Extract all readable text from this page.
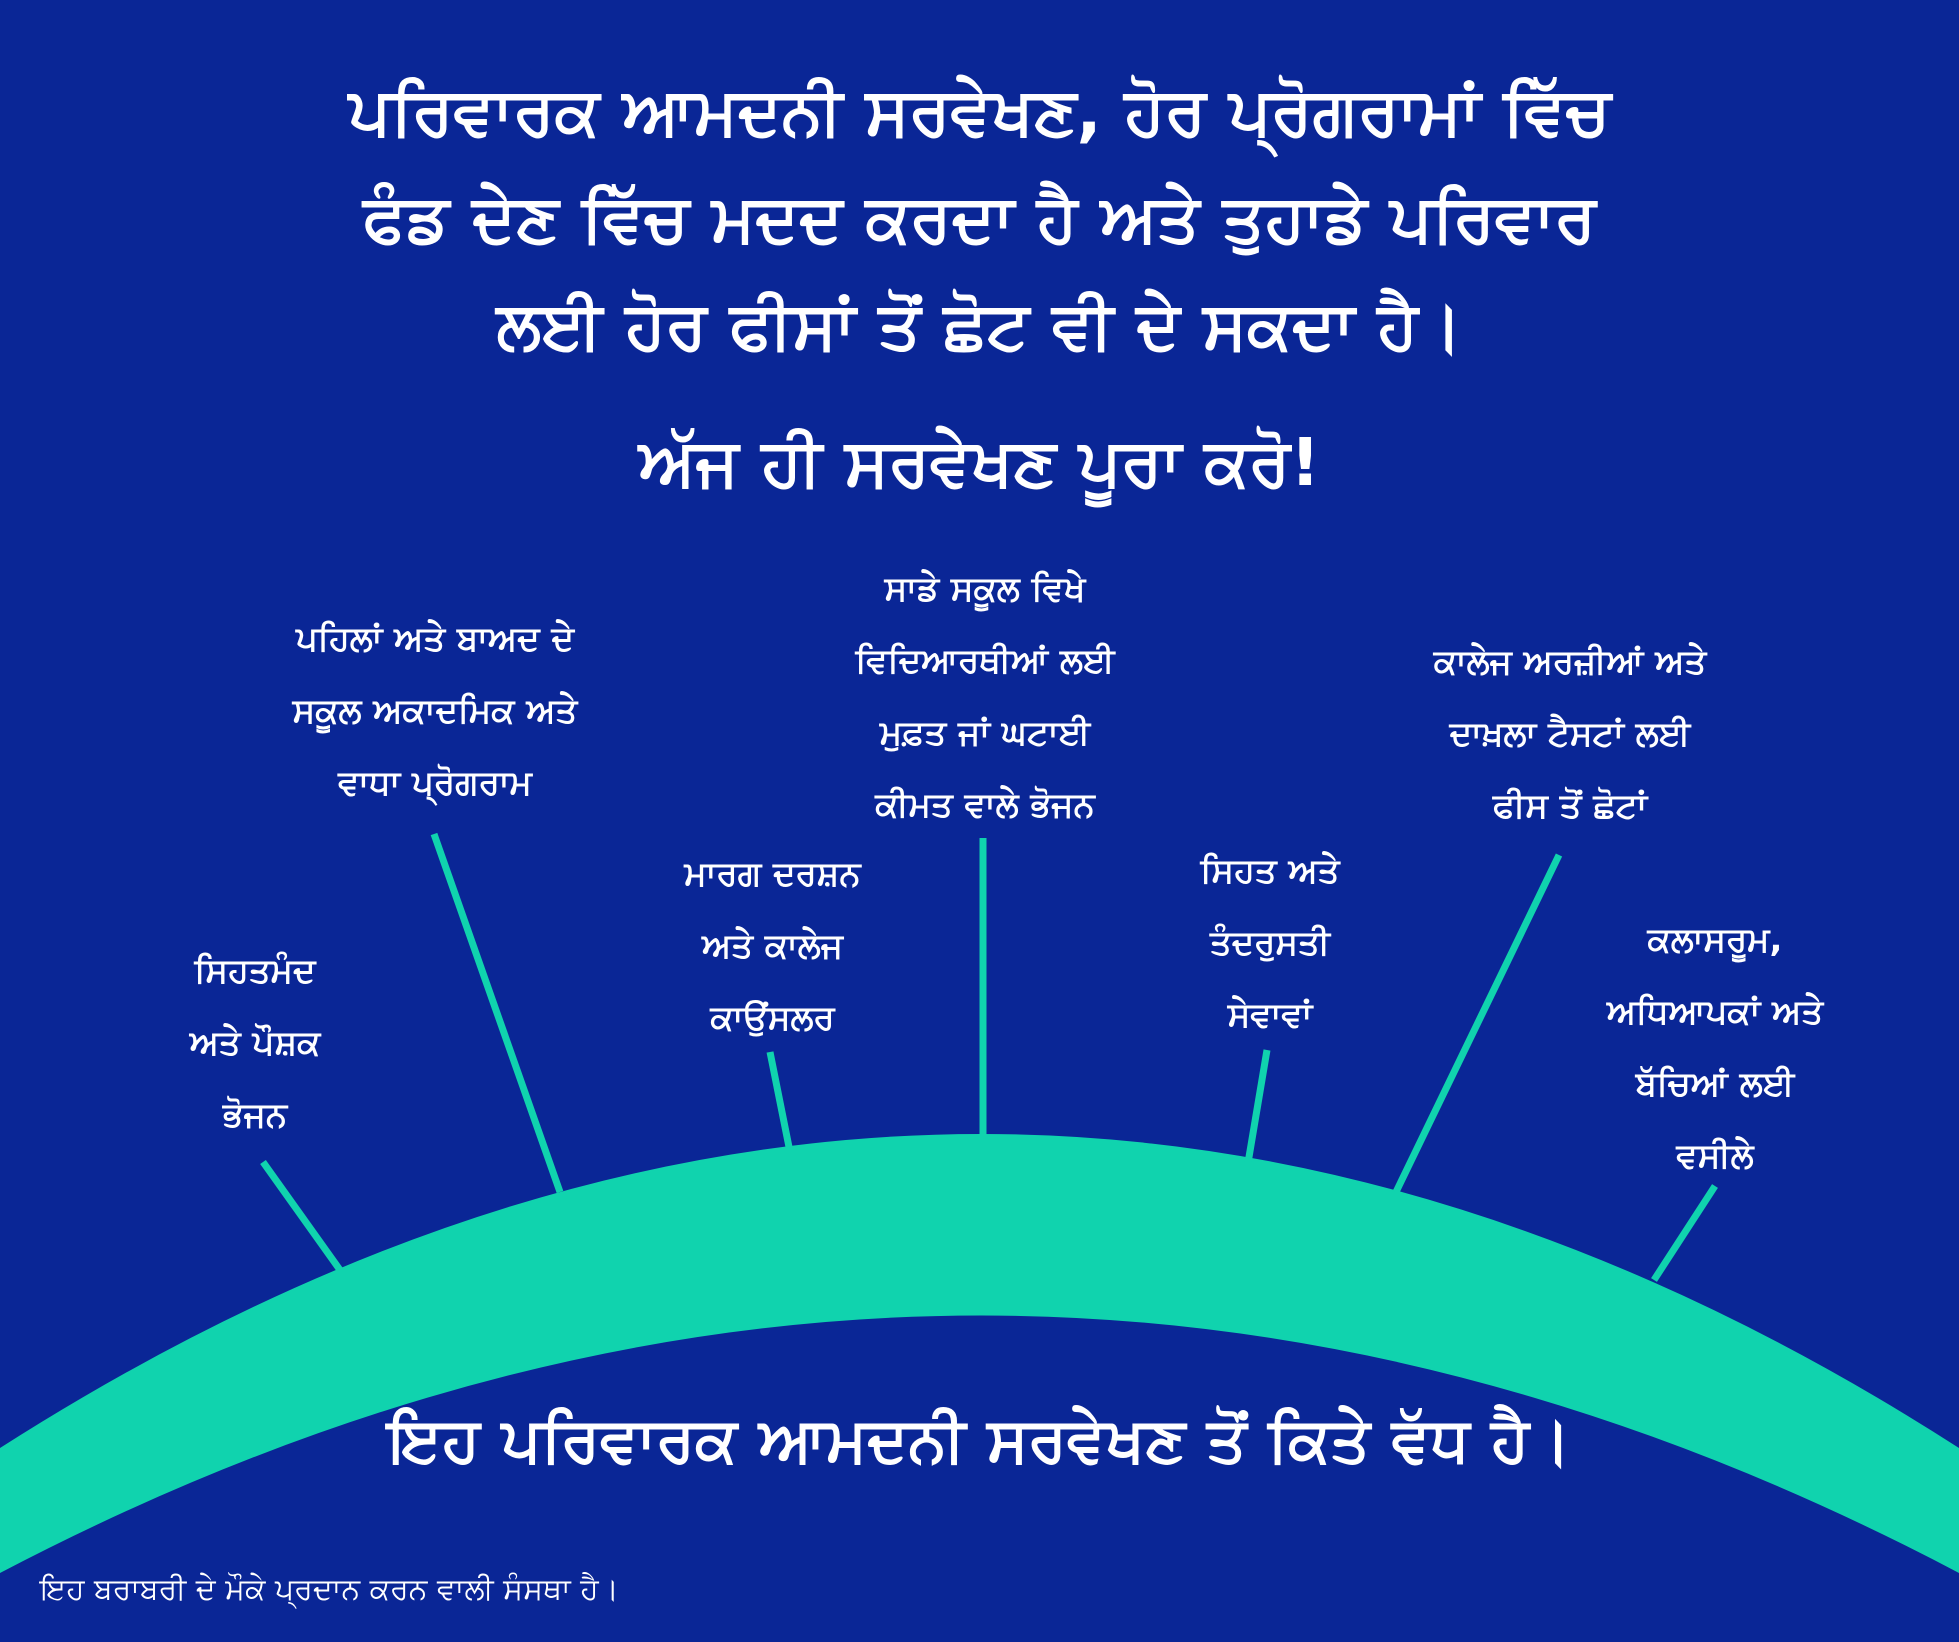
ਪਰਿਵਾਰਕ ਆਮਦਨੀ ਸਰਵੇਖਣ, ਹੋਰ ਪ੍ਰੋਗਰਾਮਾਂ ਵਿੱਚ
ਫੰਡ ਦੇਣ ਵਿੱਚ ਮਦਦ ਕਰਦਾ ਹੈ ਅਤੇ ਤੁਹਾਡੇ ਪਰਿਵਾਰ
ਲਈ ਹੋਰ ਫੀਸਾਂ ਤੋਂ ਛੋਟ ਵੀ ਦੇ ਸਕਦਾ ਹੈ।
ਅੱਜ ਹੀ ਸਰਵੇਖਣ ਪੂਰਾ ਕਰੋ!
ਸਿਹਤਮੰਦ
ਅਤੇ ਪੌਸ਼ਕ
ਭੋਜਨ
ਪਹਿਲਾਂ ਅਤੇ ਬਾਅਦ ਦੇ
ਸਕੂਲ ਅਕਾਦਮਿਕ ਅਤੇ
ਵਾਧਾ ਪ੍ਰੋਗਰਾਮ
ਮਾਰਗ ਦਰਸ਼ਨ
ਅਤੇ ਕਾਲੇਜ
ਕਾਉਂਸਲਰ
ਸਾਡੇ ਸਕੂਲ ਵਿਖੇ
ਵਿਦਿਆਰਥੀਆਂ ਲਈ
ਮੁਫ਼ਤ ਜਾਂ ਘਟਾਈ
ਕੀਮਤ ਵਾਲੇ ਭੋਜਨ
ਸਿਹਤ ਅਤੇ
ਤੰਦਰੁਸਤੀ
ਸੇਵਾਵਾਂ
ਕਾਲੇਜ ਅਰਜ਼ੀਆਂ ਅਤੇ
ਦਾਖ਼ਲਾ ਟੈਸਟਾਂ ਲਈ
ਫੀਸ ਤੋਂ ਛੋਟਾਂ
ਕਲਾਸਰੂਮ,
ਅਧਿਆਪਕਾਂ ਅਤੇ
ਬੱਚਿਆਂ ਲਈ
ਵਸੀਲੇ
ਇਹ ਪਰਿਵਾਰਕ ਆਮਦਨੀ ਸਰਵੇਖਣ ਤੋਂ ਕਿਤੇ ਵੱਧ ਹੈ।
ਇਹ ਬਰਾਬਰੀ ਦੇ ਮੌਕੇ ਪ੍ਰਦਾਨ ਕਰਨ ਵਾਲੀ ਸੰਸਥਾ ਹੈ।
